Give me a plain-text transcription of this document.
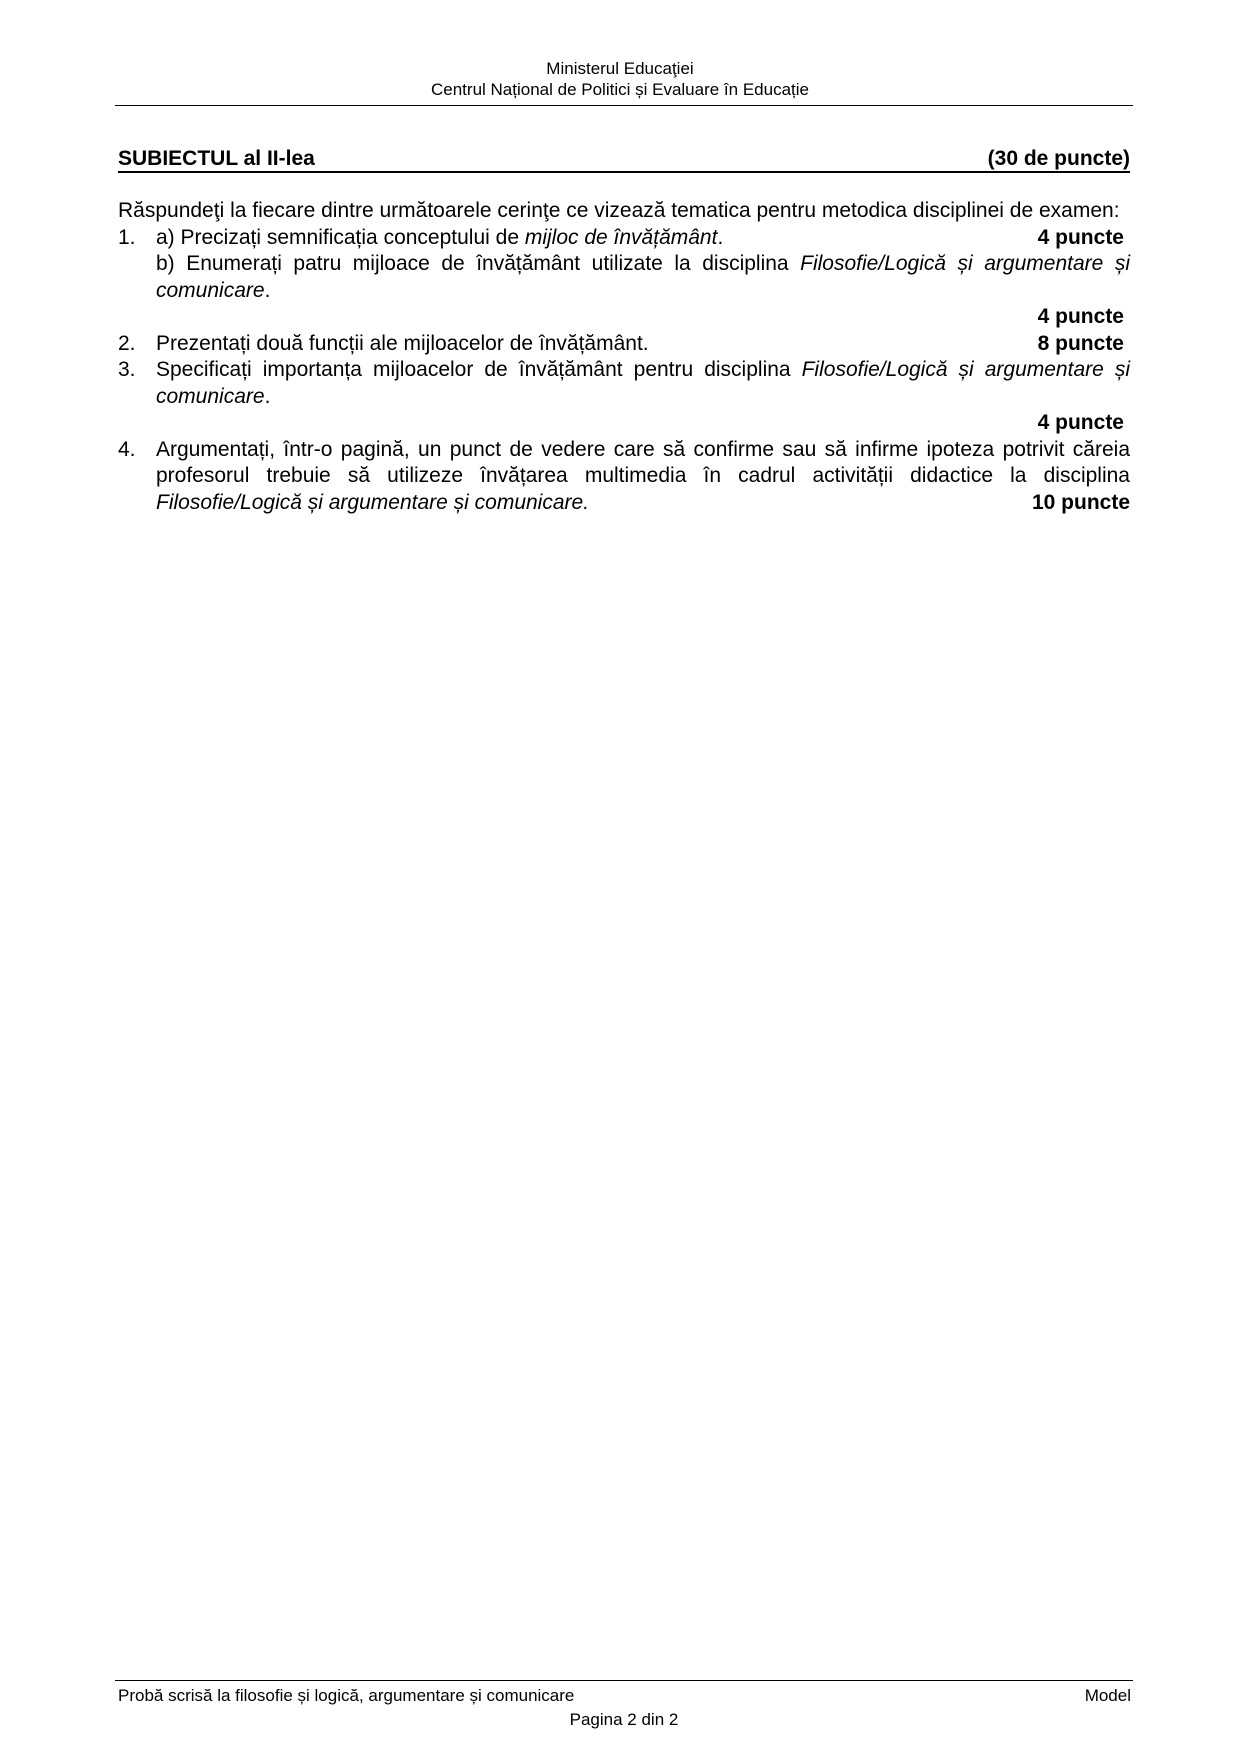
Ministerul Educaţiei
Centrul Național de Politici și Evaluare în Educație
SUBIECTUL al II-lea	(30 de puncte)
Răspundeţi la fiecare dintre următoarele cerinţe ce vizează tematica pentru metodica disciplinei de examen:
1. a) Precizați semnificația conceptului de mijloc de învățământ.	4 puncte
b) Enumerați patru mijloace de învățământ utilizate la disciplina Filosofie/Logică și argumentare și comunicare.
4 puncte
2. Prezentați două funcții ale mijloacelor de învățământ.	8 puncte
3. Specificați importanța mijloacelor de învățământ pentru disciplina Filosofie/Logică și argumentare și comunicare.
4 puncte
4. Argumentați, într-o pagină, un punct de vedere care să confirme sau să infirme ipoteza potrivit căreia profesorul trebuie să utilizeze învățarea multimedia în cadrul activității didactice la disciplina Filosofie/Logică și argumentare și comunicare.	10 puncte
Probă scrisă la filosofie și logică, argumentare și comunicare	Model
Pagina 2 din 2
